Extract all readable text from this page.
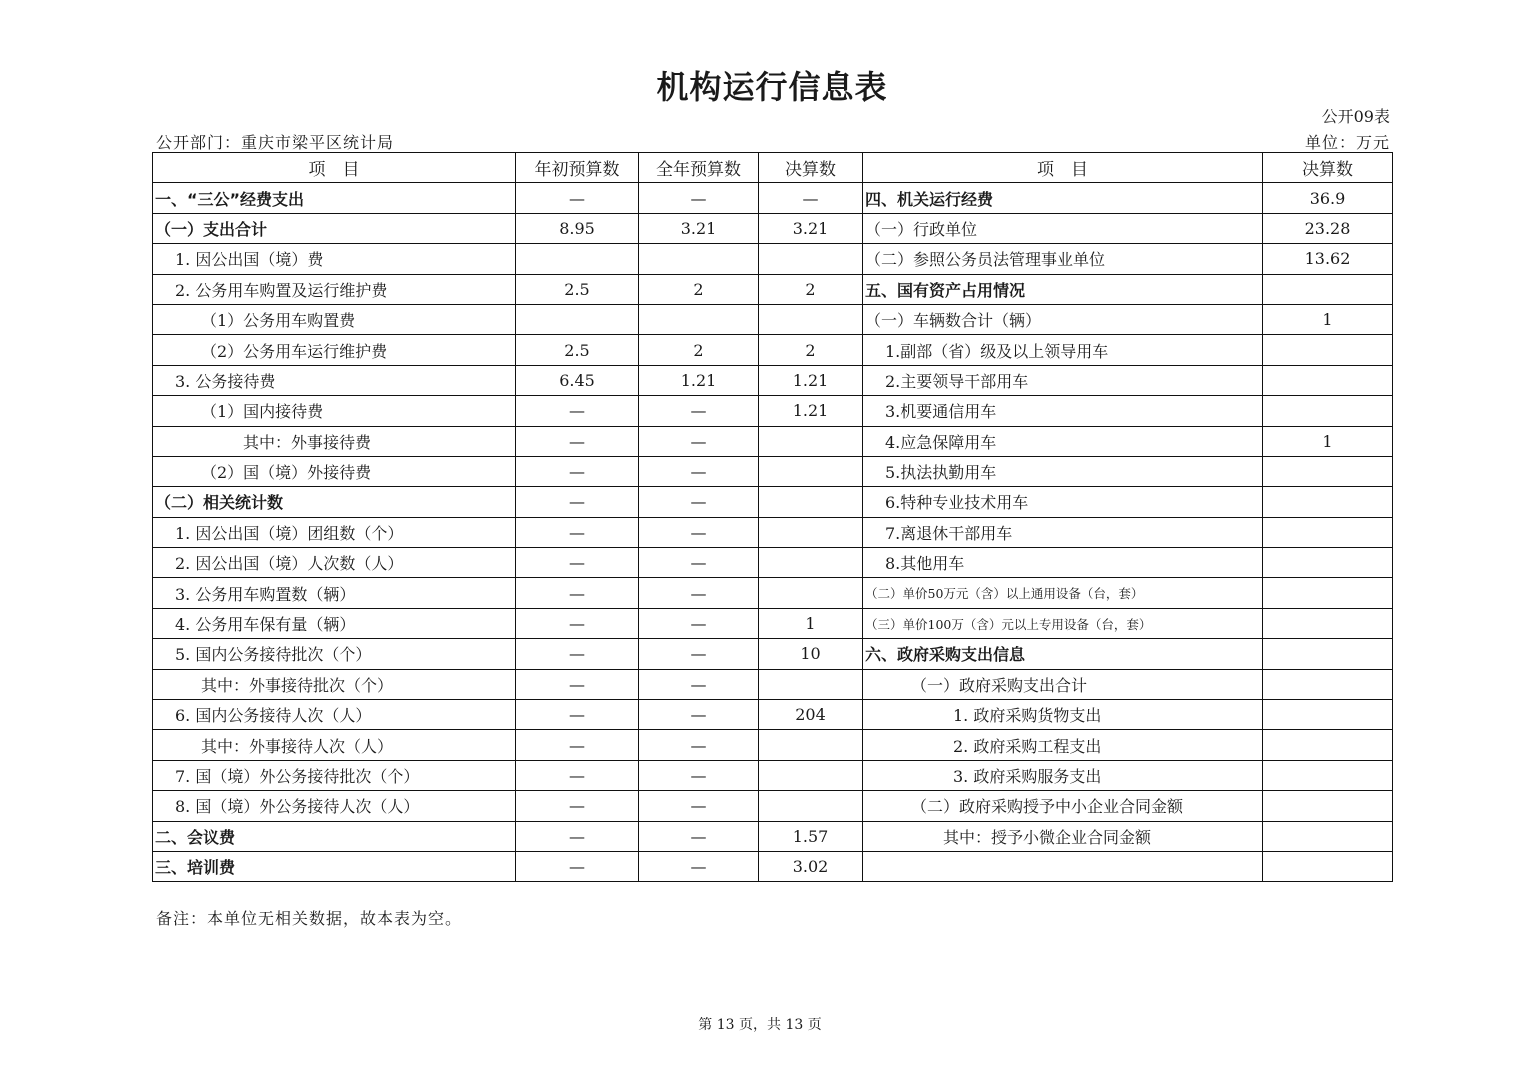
机构运行信息表
公开09表
公开部门：重庆市梁平区统计局	单位：万元
项　目	年初预算数	全年预算数	决算数	项　目	决算数
一、“三公”经费支出	—	—	—	四、机关运行经费	36.9
（一）支出合计	8.95	3.21	3.21	（一）行政单位	23.28
1. 因公出国（境）费				（二）参照公务员法管理事业单位	13.62
2. 公务用车购置及运行维护费	2.5	2	2	五、国有资产占用情况	
（1）公务用车购置费				（一）车辆数合计（辆）	1
（2）公务用车运行维护费	2.5	2	2	1.副部（省）级及以上领导用车	
3. 公务接待费	6.45	1.21	1.21	2.主要领导干部用车	
（1）国内接待费	—	—	1.21	3.机要通信用车	
其中：外事接待费	—	—		4.应急保障用车	1
（2）国（境）外接待费	—	—		5.执法执勤用车	
（二）相关统计数	—	—		6.特种专业技术用车	
1. 因公出国（境）团组数（个）	—	—		7.离退休干部用车	
2. 因公出国（境）人次数（人）	—	—		8.其他用车	
3. 公务用车购置数（辆）	—	—		（二）单价50万元（含）以上通用设备（台，套）	
4. 公务用车保有量（辆）	—	—	1	（三）单价100万（含）元以上专用设备（台，套）	
5. 国内公务接待批次（个）	—	—	10	六、政府采购支出信息	
其中：外事接待批次（个）	—	—		（一）政府采购支出合计	
6. 国内公务接待人次（人）	—	—	204	1. 政府采购货物支出	
其中：外事接待人次（人）	—	—		2. 政府采购工程支出	
7. 国（境）外公务接待批次（个）	—	—		3. 政府采购服务支出	
8. 国（境）外公务接待人次（人）	—	—		（二）政府采购授予中小企业合同金额	
二、会议费	—	—	1.57	其中：授予小微企业合同金额	
三、培训费	—	—	3.02		
备注：本单位无相关数据，故本表为空。
第 13 页，共 13 页
